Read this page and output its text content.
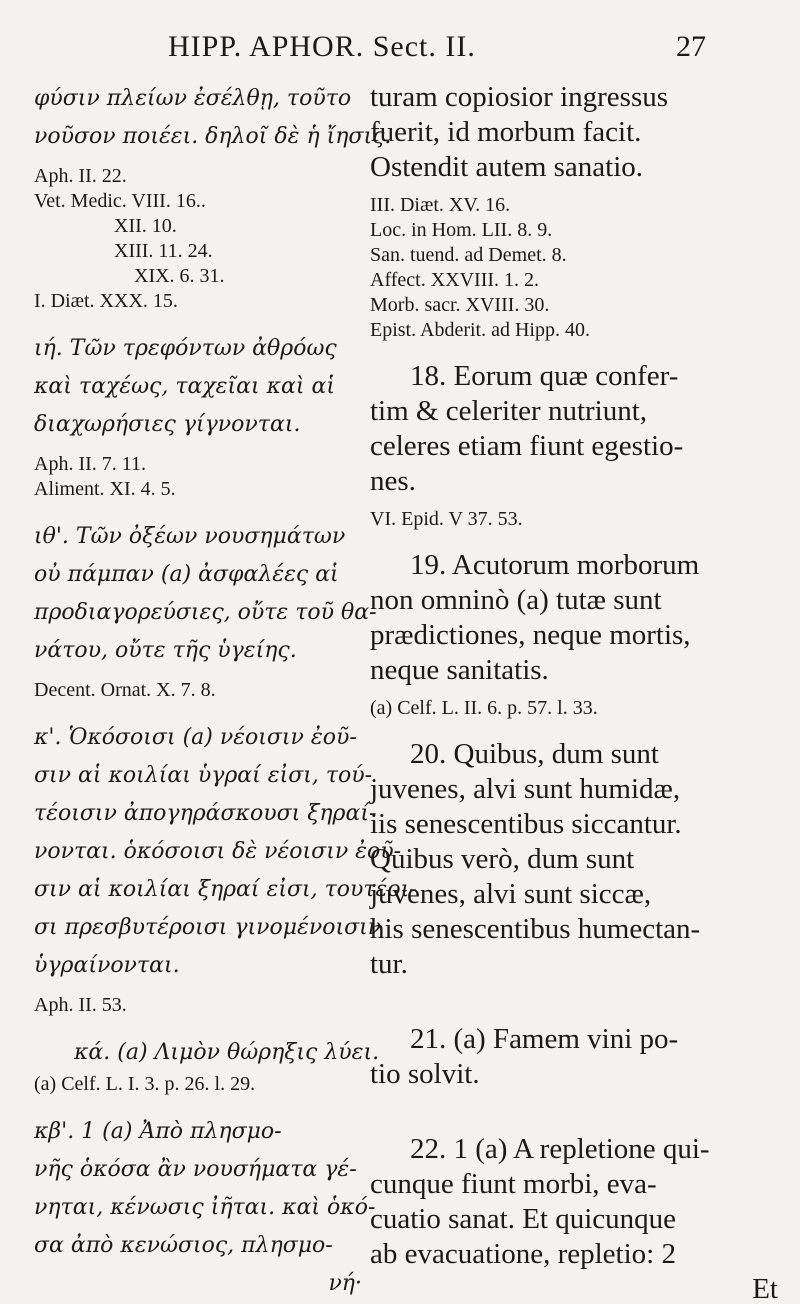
HIPP. APHOR. Sect. II.	27
φύσιν πλείων ἐσέλθῃ, τοῦτο
νοῦσον ποιέει. δηλοῖ δὲ ἡ ἴησις.
Aph. II. 22.
Vet. Medic. VIII. 16..
XII. 10.
XIII. 11. 24.
XIX. 6. 31.
I. Diæt. XXX. 15.
ιή. Τῶν τρεφόντων ἀθρόως
καὶ ταχέως, ταχεῖαι καὶ αἱ
διαχωρήσιες γίγνονται.
Aph. II. 7. 11.
Aliment. XI. 4. 5.
ιθ'. Τῶν ὀξέων νουσημάτων
οὐ πάμπαν (a) ἀσφαλέες αἱ
προδιαγορεύσιες, οὔτε τοῦ θα-
νάτου, οὔτε τῆς ὑγείης.
Decent. Ornat. X. 7. 8.
κ'. Ὁκόσοισι (a) νέοισιν ἐοῦ-
σιν αἱ κοιλίαι ὑγραί εἰσι, τού-
τέοισιν ἀπογηράσκουσι ξηραί-
νονται. ὁκόσοισι δὲ νέοισιν ἐοῦ-
σιν αἱ κοιλίαι ξηραί εἰσι, τουτέοι-
σι πρεσβυτέροισι γινομένοισιν
ὑγραίνονται.
Aph. II. 53.
κά. (a) Λιμὸν θώρηξις λύει.
(a) Celf. L. I. 3. p. 26. l. 29.
κβ'. 1 (a) Ἀπὸ πλησμο-
νῆς ὁκόσα ἂν νουσήματα γέ-
νηται, κένωσις ἰῆται. καὶ ὁκό-
σα ἀπὸ κενώσιος, πλησμο-
νή·
turam copiosior ingressus
fuerit, id morbum facit.
Ostendit autem sanatio.
III. Diæt. XV. 16.
Loc. in Hom. LII. 8. 9.
San. tuend. ad Demet. 8.
Affect. XXVIII. 1. 2.
Morb. sacr. XVIII. 30.
Epist. Abderit. ad Hipp. 40.
18. Eorum quæ confer-
tim & celeriter nutriunt,
celeres etiam fiunt egestio-
nes.
VI. Epid. V 37. 53.
19. Acutorum morborum
non omninò (a) tutæ sunt
prædictiones, neque mortis,
neque sanitatis.
(a) Celf. L. II. 6. p. 57. l. 33.
20. Quibus, dum sunt
juvenes, alvi sunt humidæ,
iis senescentibus siccantur.
Quibus verò, dum sunt
juvenes, alvi sunt siccæ,
his senescentibus humectan-
tur.
21. (a) Famem vini po-
tio solvit.
22. 1 (a) A repletione qui-
cunque fiunt morbi, eva-
cuatio sanat. Et quicunque
ab evacuatione, repletio: 2
Et
